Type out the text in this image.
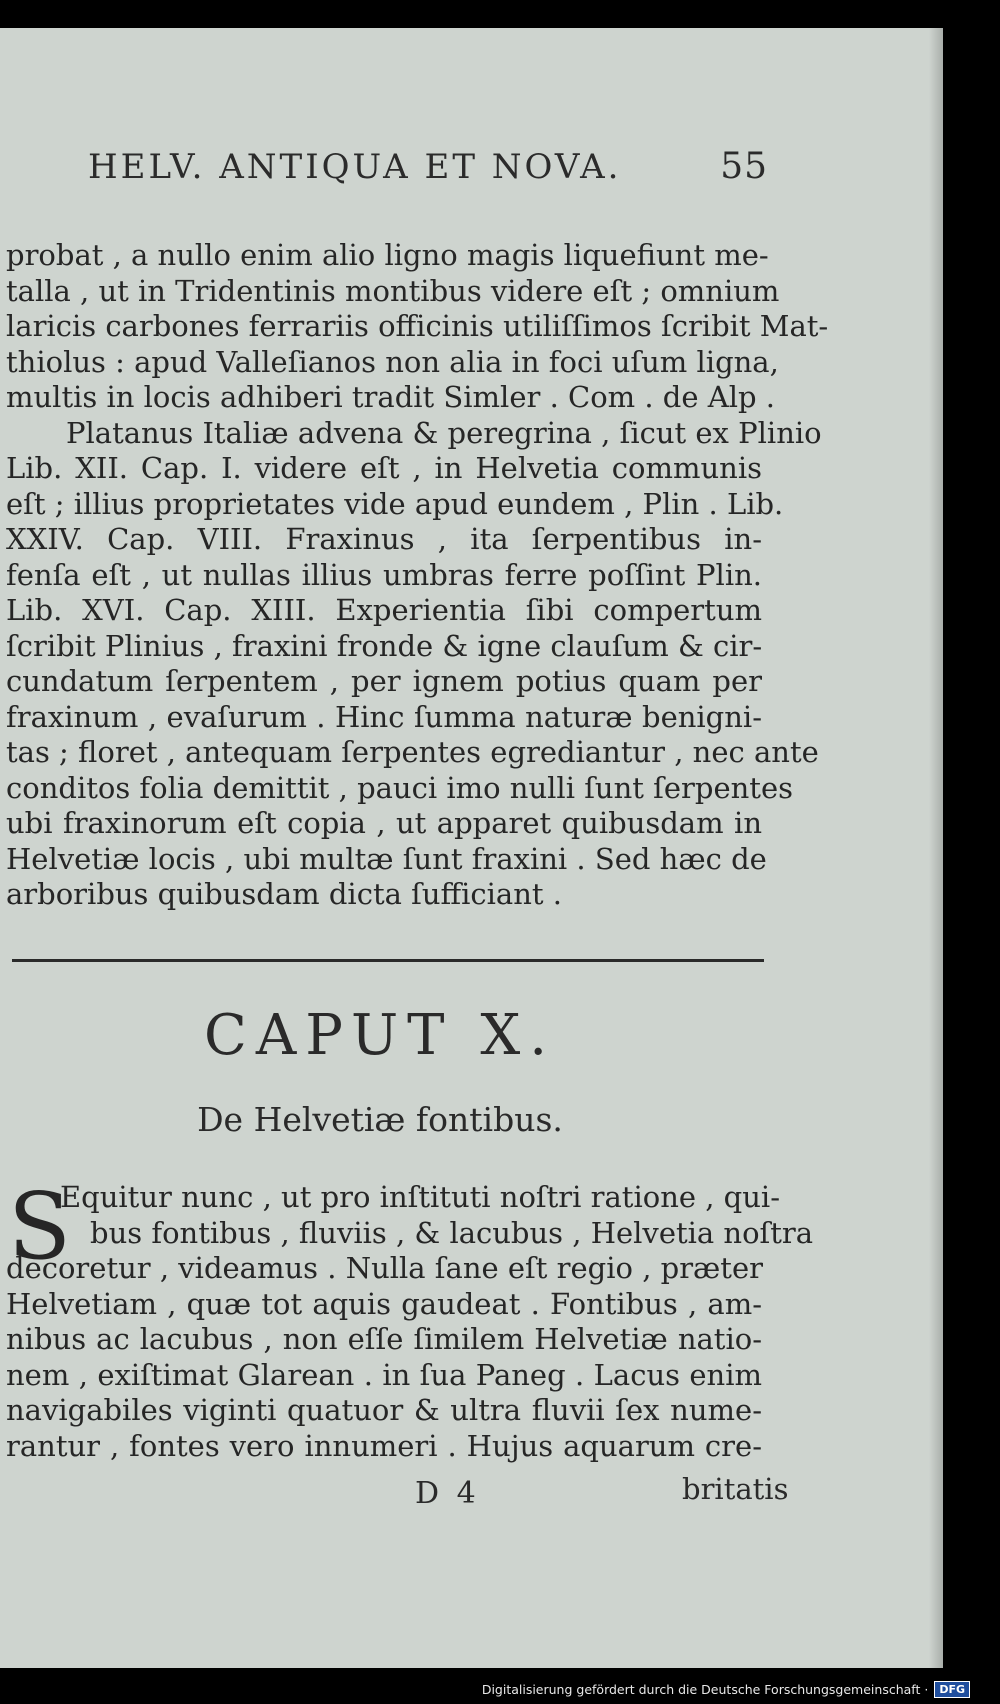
HELV. ANTIQUA ET NOVA.	55
probat , a nullo enim alio ligno magis liquefiunt me-
talla , ut in Tridentinis montibus videre eſt ; omnium
laricis carbones ferrariis officinis utiliſſimos ſcribit Mat-
thiolus : apud Valleſianos non alia in foci uſum ligna,
multis in locis adhiberi tradit Simler . Com . de Alp .
Platanus Italiæ advena & peregrina , ſicut ex Plinio
Lib. XII. Cap. I. videre eſt , in Helvetia communis
eſt ; illius proprietates vide apud eundem , Plin . Lib.
XXIV. Cap. VIII. Fraxinus , ita ſerpentibus in-
fenſa eſt , ut nullas illius umbras ferre poſſint Plin.
Lib. XVI. Cap. XIII. Experientia ſibi compertum
ſcribit Plinius , fraxini fronde & igne clauſum & cir-
cundatum ſerpentem , per ignem potius quam per
fraxinum , evaſurum . Hinc ſumma naturæ benigni-
tas ; floret , antequam ſerpentes egrediantur , nec ante
conditos folia demittit , pauci imo nulli ſunt ſerpentes
ubi fraxinorum eſt copia , ut apparet quibusdam in
Helvetiæ locis , ubi multæ ſunt fraxini . Sed hæc de
arboribus quibusdam dicta ſufficiant .
CAPUT X.
De Helvetiæ fontibus.
S
Equitur nunc , ut pro inſtituti noſtri ratione , qui-
bus fontibus , fluviis , & lacubus , Helvetia noſtra
decoretur , videamus . Nulla ſane eſt regio , præter
Helvetiam , quæ tot aquis gaudeat . Fontibus , am-
nibus ac lacubus , non eſſe ſimilem Helvetiæ natio-
nem , exiſtimat Glarean . in ſua Paneg . Lacus enim
navigabiles viginti quatuor & ultra fluvii ſex nume-
rantur , fontes vero innumeri . Hujus aquarum cre-
D 4	britatis
Digitalisierung gefördert durch die Deutsche Forschungsgemeinschaft ·	DFG
